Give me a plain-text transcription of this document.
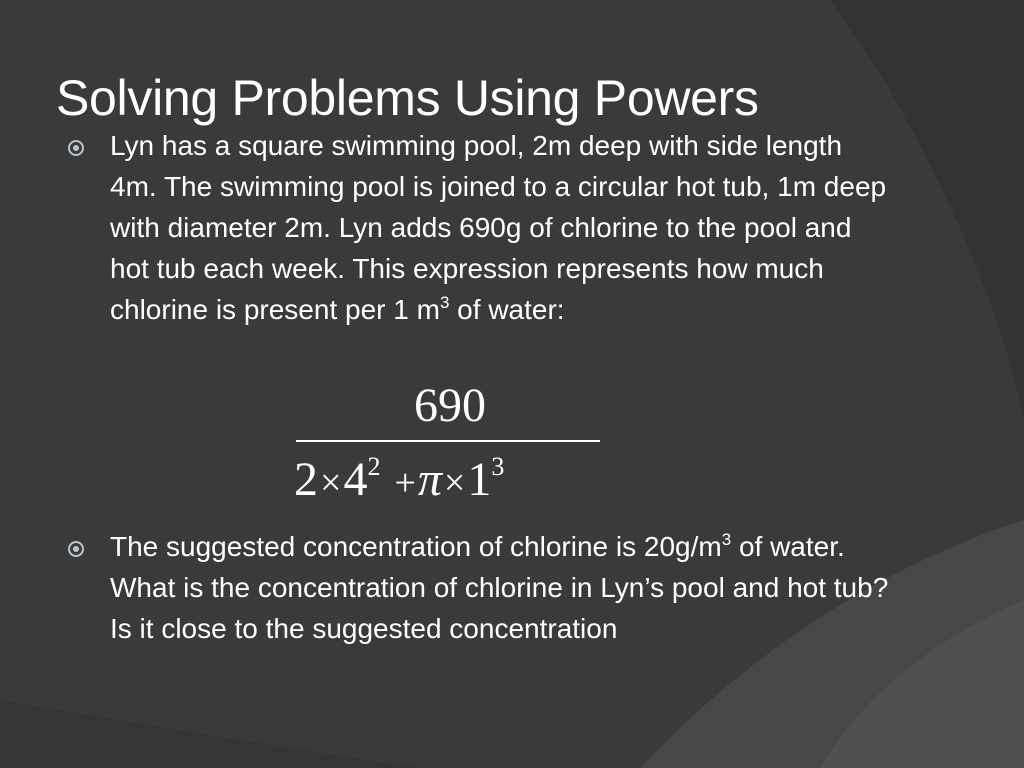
Solving Problems Using Powers

Lyn has a square swimming pool, 2m deep with side length 4m. The swimming pool is joined to a circular hot tub, 1m deep with diameter 2m. Lyn adds 690g of chlorine to the pool and hot tub each week. This expression represents how much chlorine is present per 1 $m^3$ of water:

690
$2\times 4^2 +\pi\times 1^3$

The suggested concentration of chlorine is $20g/m^3$ of water. What is the concentration of chlorine in Lyn’s pool and hot tub? Is it close to the suggested concentration
